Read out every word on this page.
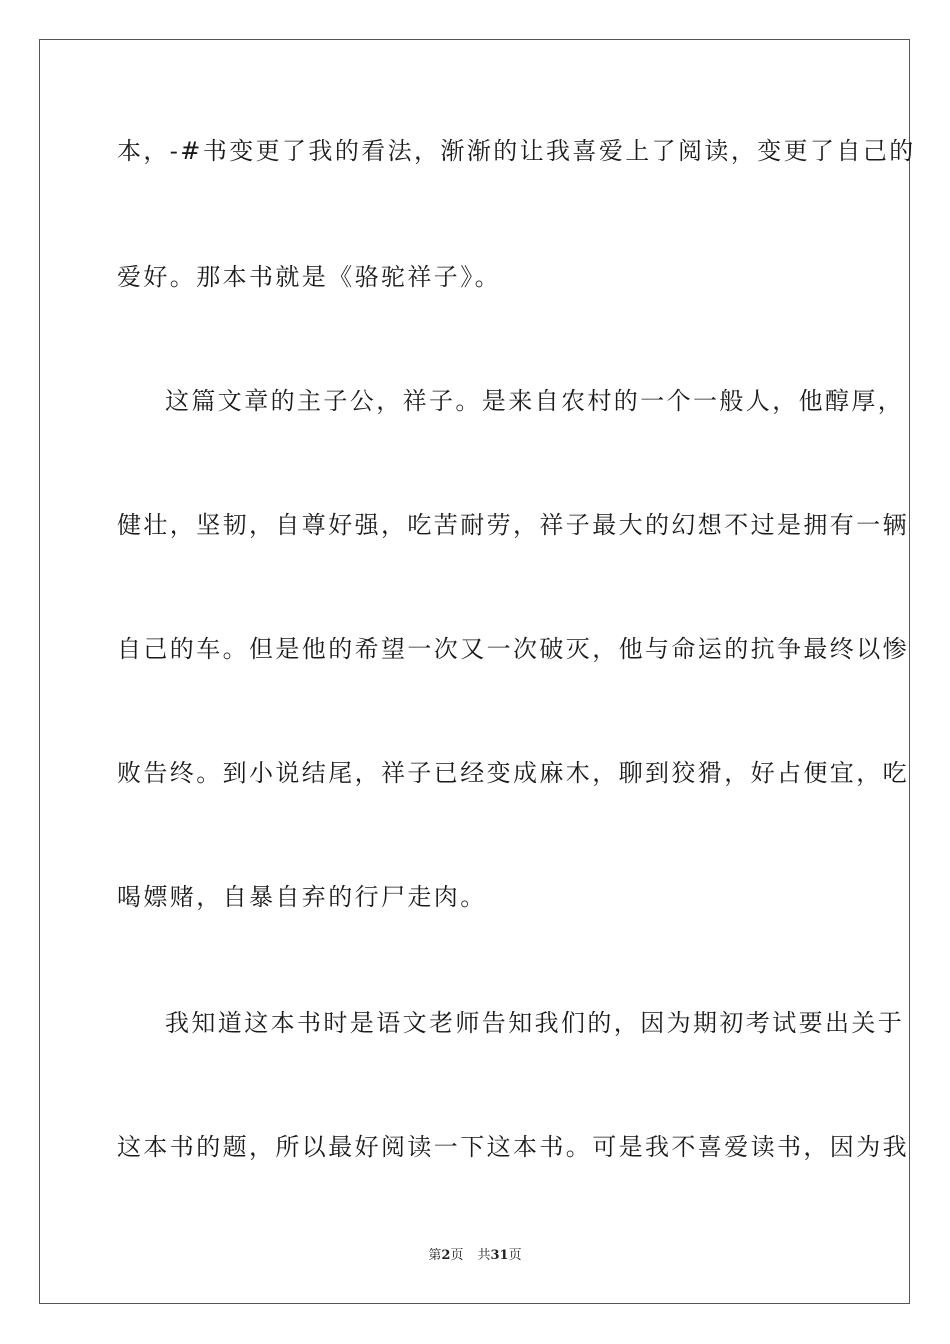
本，-#书变更了我的看法，渐渐的让我喜爱上了阅读，变更了自己的
爱好。那本书就是《骆驼祥子》。
这篇文章的主子公，祥子。是来自农村的一个一般人，他醇厚，
健壮，坚韧，自尊好强，吃苦耐劳，祥子最大的幻想不过是拥有一辆
自己的车。但是他的希望一次又一次破灭，他与命运的抗争最终以惨
败告终。到小说结尾，祥子已经变成麻木，聊到狡猾，好占便宜，吃
喝嫖赌，自暴自弃的行尸走肉。
我知道这本书时是语文老师告知我们的，因为期初考试要出关于
这本书的题，所以最好阅读一下这本书。可是我不喜爱读书，因为我
第2页 共31页
